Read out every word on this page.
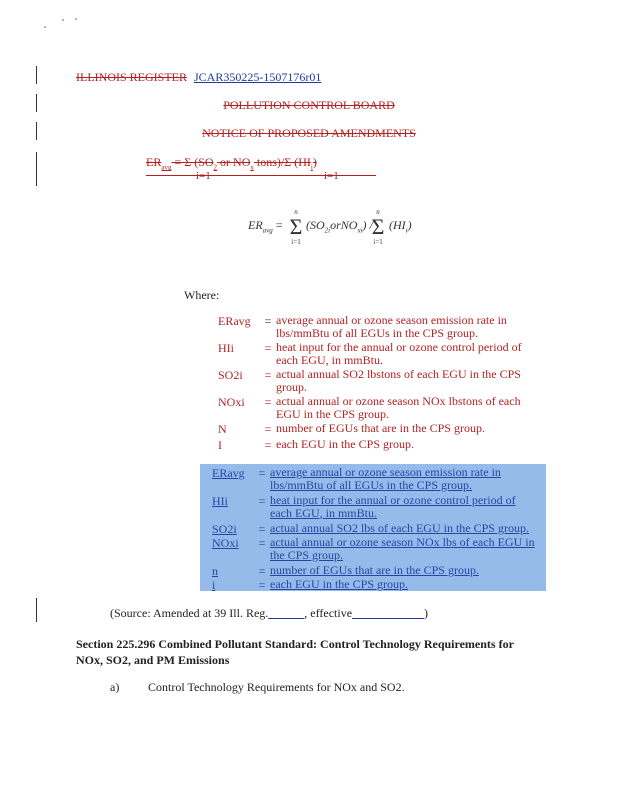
ILLINOIS REGISTER JCAR350225-1507176r01
POLLUTION CONTROL BOARD
NOTICE OF PROPOSED AMENDMENTS
$ER_{avg} = \Sigma$ ($SO_2$ or $NO_x$ tons)/Σ $(HI_i)$
i=1	i=1
$ER_{avg}$ =
n
Σ
i=1
$(SO_{2i}orNO_{xi})$ /
n
Σ
i=1
$(HI_i)$
Where:
ERavg	= average annual or ozone season emission rate in lbs/mmBtu of all EGUs in the CPS group.
HIi	= heat input for the annual or ozone control period of each EGU, in mmBtu.
SO2i	= actual annual SO2 lbstons of each EGU in the CPS group.
NOxi	= actual annual or ozone season NOx lbstons of each EGU in the CPS group.
N	= number of EGUs that are in the CPS group.
I	= each EGU in the CPS group.
ERavg	= average annual or ozone season emission rate in lbs/mmBtu of all EGUs in the CPS group.
HIi	= heat input for the annual or ozone control period of each EGU, in mmBtu.
SO2i	= actual annual SO2 lbs of each EGU in the CPS group.
NOxi	= actual annual or ozone season NOx lbs of each EGU in the CPS group.
n	= number of EGUs that are in the CPS group.
i	= each EGU in the CPS group.
(Source: Amended at 39 Ill. Reg.______, effective____________)
Section 225.296 Combined Pollutant Standard: Control Technology Requirements for
NOx, SO2, and PM Emissions
a) Control Technology Requirements for NOx and SO2.
